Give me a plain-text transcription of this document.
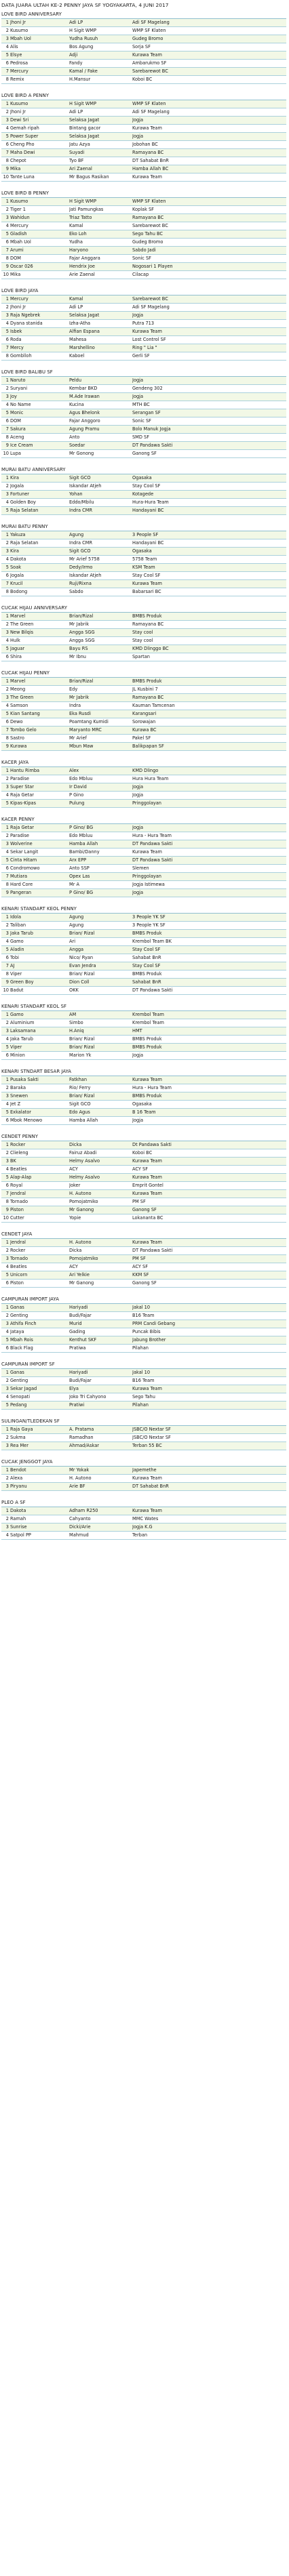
DATA JUARA ULTAH KE-2 PENNY JAYA SF YOGYAKARTA, 4 JUNI 2017
LOVE BIRD ANNIVERSARY
1 Jhoni Jr	Adi LP	Adi SF Magelang
2 Kusumo	H Sigit WMP	WMP SF Klaten
3 Mbah Uol	Yudha Rusuh	Gudeg Bromo
4 Alis	Bos Agung	Sorja SF
5 Elsye	Adji	Kurawa Team
6 Pedrosa	Fandy	Ambarukmo SF
7 Mercury	Kamal / Fake	Sarebarewot BC
8 Remix	H.Mansur	Koboi BC
LOVE BIRD A PENNY
1 Kusumo	H Sigit WMP	WMP SF Klaten
2 Jhoni Jr	Adi LP	Adi SF Magelang
3 Dewi Sri	Selaksa Jagat	Jogja
4 Gemah ripah	Bintang gacor	Kurawa Team
5 Power Super	Selaksa Jagat	Jogja
6 Cheng Pho	Jatu Azya	Jobohan BC
7 Maha Dewi	Suyadi	Ramayana BC
8 Chepot	Tyo BF	DT Sahabat BnR
9 Mika	Ari Zaenal	Hamba Allah BC
10 Tante Luna	Mr Bagus Rasikan	Kurawa Team
LOVE BIRD B PENNY
1 Kusumo	H Sigit WMP	WMP SF Klaten
2 Tiger 1	Jati Pamungkas	Koplak SF
3 Wahidun	Triaz Tatto	Ramayana BC
4 Mercury	Kamal	Sarebarewot BC
5 Gladish	Eko Loh	Sego Tahu BC
6 Mbah Uol	Yudha	Gudeg Bromo
7 Arumi	Haryono	Sabdo Jadi
8 DOM	Fajar Anggara	Sonic SF
9 Oscar 026	Hendrix Joe	Nogosari 1 Playen
10 Mika	Arie Zaenal	Cilacap
LOVE BIRD JAYA
1 Mercury	Kamal	Sarebarewot BC
2 Jhoni Jr	Adi LP	Adi SF Magelang
3 Raja Ngebrek	Selaksa Jagat	Jogja
4 Dyana stanida	Izha-Atha	Putra 713
5 Isbek	Alfian Espana	Kurawa Team
6 Roda	Mahesa	Lost Control SF
7 Mercy	Marshellino	Ring " Lia "
8 Gomblloh	Kaboel	Gerli SF
LOVE BIRD BALIBU SF
1 Naruto	Peldu	Jogja
2 Suryani	Kembar BKD	Gendeng 302
3 Joy	M.Ade Irawan	Jogja
4 No Name	Kucina	MTH BC
5 Monic	Agus Bhelonk	Serangan SF
6 DOM	Fajar Anggoro	Sonic SF
7 Sakura	Agung Pramu	Bolo Manuk Jogja
8 Aceng	Anto	SMD SF
9 Ice Cream	Soedar	DT Pandawa Sakti
10 Lupa	Mr Gonong	Ganong SF
MURAI BATU ANNIVERSARY
1 Kira	Sigit GCO	Ogasaka
2 Jogala	Iskandar Atjeh	Stay Cool SF
3 Fortuner	Yohan	Kotagede
4 Golden Boy	Eddo/Mbilu	Hura-Hura Team
5 Raja Selatan	Indra CMR	Handayani BC
MURAI BATU PENNY
1 Yakuza	Agung	3 People SF
2 Raja Selatan	Indra CMR	Handayani BC
3 Kira	Sigit GCO	Ogasaka
4 Dakota	Mr Arief 5758	5758 Team
5 Soak	Dedy/Irmo	KSM Team
6 Jogala	Iskandar Atjeh	Stay Cool SF
7 Krucil	Ruji/Rixna	Kurawa Team
8 Bodong	Sabdo	Babarsari BC
CUCAK HIJAU ANNIVERSARY
1 Marvel	Brian/Rizal	BMBS Produk
2 The Green	Mr Jabrik	Ramayana BC
3 New Bilqis	Angga SGG	Stay cool
4 Hulk	Angga SGG	Stay cool
5 Jaguar	Bayu RS	KMD Dlinggo BC
6 Shira	Mr Ibnu	Spartan
CUCAK HIJAU PENNY
1 Marvel	Brian/Rizal	BMBS Produk
2 Meong	Edy	JL Kusbini 7
3 The Green	Mr Jabrik	Ramayana BC
4 Samson	Indra	Kauman Tamcenan
5 Kian Santang	Eka Rusdi	Karangsari
6 Dewo	Poamtang Kumidi	Sorowajan
7 Tombo Gelo	Maryanto MRC	Kurawa BC
8 Sastro	Mr Arief	Pakel SF
9 Kurawa	Mbun Maw	Balikpapan SF
KACER JAYA
1 Hantu Rimba	Alex	KMD Dlingo
2 Paradise	Edo Mbluu	Hura Hura Team
3 Super Star	Ir David	Jogja
4 Raja Getar	P Gino	Jogja
5 Kipas-Kipas	Pulung	Pringgolayan
KACER PENNY
1 Raja Getar	P Gino/ BG	Jogja
2 Paradise	Edo Mbluu	Hura - Hura Team
3 Wolverine	Hamba Allah	DT Pandawa Sakti
4 Sekar Langit	Bambi/Danny	Kurawa Team
5 Cinta Hitam	Arx EPP	DT Pandawa Sakti
6 Condromowo	Anto SSP	Slemen
7 Mutiara	Opex Las	Pringgolayan
8 Hard Core	Mr A	Jogja Istimewa
9 Pangeran	P Gino/ BG	Jogja
KENARI STANDART KEOL PENNY
1 Idola	Agung	3 People YK SF
2 Taliban	Agung	3 People YK SF
3 Jaka Tarub	Brian/ Rizal	BMBS Produk
4 Gamo	Ari	Krembol Team BK
5 Aladin	Angga	Stay Cool SF
6 Tobi	Nico/ Ryan	Sahabat BnR
7 AJ	Evan Jendra	Stay Cool SF
8 Viper	Brian/ Rizal	BMBS Produk
9 Green Boy	Dion Coll	Sahabat BnR
10 Badut	OKK	DT Pandawa Sakti
KENARI STANDART KEOL SF
1 Gamo	AM	Krembol Team
2 Aluminium	Simbo	Krembol Team
3 Laksamana	H.Aniq	HMT
4 Jaka Tarub	Brian/ Rizal	BMBS Produk
5 Viper	Brian/ Rizal	BMBS Produk
6 Minion	Marion Yk	Jogja
KENARI STNDART BESAR JAYA
1 Pusaka Sakti	Fatkhan	Kurawa Team
2 Baraka	Rio/ Ferry	Hura - Hura Team
3 Snewen	Brian/ Rizal	BMBS Produk
4 Jet Z	Sigit GCO	Ogasaka
5 Exkalator	Edo Agus	B 16 Team
6 Mbok Menowo	Hamba Allah	Jogja
CENDET PENNY
1 Rocker	Dicka	Dt Pandawa Sakti
2 Clieleng	Fairuz Abadi	Koboi BC
3 BK	Helmy Asalvo	Kurawa Team
4 Beatles	ACY	ACY SF
5 Alap-Alap	Helmy Asalvo	Kurawa Team
6 Royal	Joker	Emprit Gontel
7 Jendral	H. Autono	Kurawa Team
8 Tornado	Pomojatmiko	PM SF
9 Piston	Mr Ganong	Ganong SF
10 Cutter	Yopie	Lokananta BC
CENDET JAYA
1 Jendral	H. Autono	Kurawa Team
2 Rocker	Dicka	DT Pandawa Sakti
3 Tornado	Pomojatmiko	PM SF
4 Beatles	ACY	ACY SF
5 Unicorn	Ari Yelkie	KKM SF
6 Piston	Mr Ganong	Ganong SF
CAMPURAN IMPORT JAYA
1 Ganas	Hariyadi	Jakal 10
2 Genting	Budi/Fajar	B16 Team
3 Athifa Finch	Murid	PRM Candi Gebang
4 Jataya	Gading	Puncak Bibis
5 Mbah Rois	Kenthut SKF	Jabung Brother
6 Black Flag	Pratiwa	Pilahan
CAMPURAN IMPORT SF
1 Ganas	Hariyadi	Jakal 10
2 Genting	Budi/Fajar	B16 Team
3 Sekar Jagad	Elya	Kurawa Team
4 Senopati	Joko Tri Cahyono	Sego Tahu
5 Pedang	Pratiwi	Pilahan
SULINGAN/TLEDEKAN SF
1 Raja Gaya	A. Pratama	JSBC/O Nextar SF
2 Sukma	Ramadhan	JSBC/O Nextar SF
3 Rea Mer	Ahmad/Askar	Terban 55 BC
CUCAK JENGGOT JAYA
1 Bendot	Mr Yokak	Japemethe
2 Alexa	H. Autono	Kurawa Team
3 Piryanu	Arie BF	DT Sahabat BnR
PLEO A SF
1 Dakota	Adham R250	Kurawa Team
2 Ramah	Cahyanto	MMC Wates
3 Sunrise	Dicki/Arie	Jogja K.G
4 Satpol PP	Mahmud	Terban
